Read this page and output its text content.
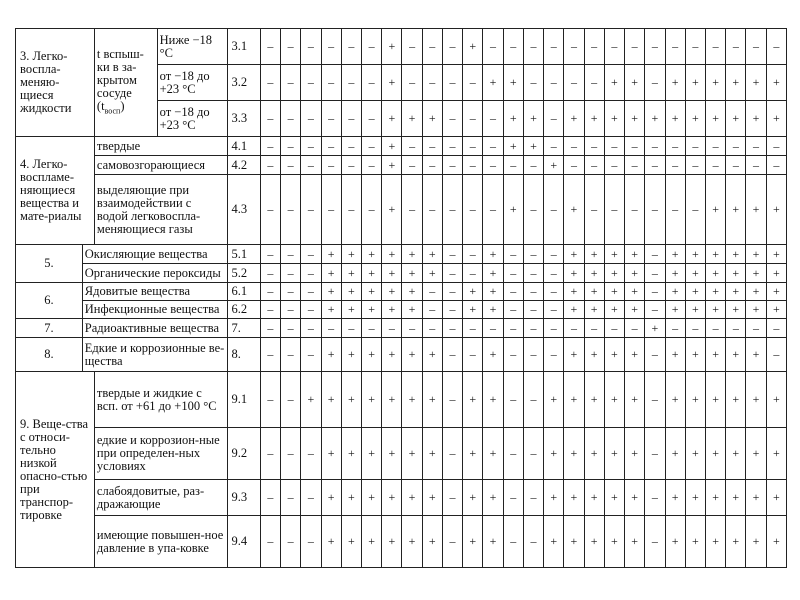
3. Легко-воспла-меняю-щиеся жидкости		t вспыш-ки в за-крытом сосуде $(t_{восп})$	Ниже −18 °С	3.1	–	–	–	–	–	–	+	–	–	–	+	–	–	–	–	–	–	–	–	–	–	–	–	–	–	–
			от −18 до +23 °С	3.2	–	–	–	–	–	–	+	–	–	–	–	+	+	–	–	–	–	+	+	–	+	+	+	+	+	+
			от −18 до +23 °С	3.3	–	–	–	–	–	–	+	+	+	–	–	–	+	+	–	+	+	+	+	+	+	+	+	+	+	+
4. Легко-воспламе-няющиеся вещества и мате-риалы		твердые		4.1	–	–	–	–	–	–	+	–	–	–	–	–	+	+	–	–	–	–	–	–	–	–	–	–	–	–
		самовозгорающиеся		4.2	–	–	–	–	–	–	+	–	–	–	–	–	–	–	+	–	–	–	–	–	–	–	–	–	–	–
		выделяющие при взаимодействии с водой легковоспла-меняющиеся газы		4.3	–	–	–	–	–	–	+	–	–	–	–	–	+	–	–	+	–	–	–	–	–	–	+	+	+	+
5.	Окисляющие вещества			5.1	–	–	–	+	+	+	+	+	+	–	–	+	–	–	–	+	+	+	+	–	+	+	+	+	+	+
	Органические пероксиды			5.2	–	–	–	+	+	+	+	+	+	–	–	+	–	–	–	+	+	+	+	–	+	+	+	+	+	+
6.	Ядовитые вещества			6.1	–	–	–	+	+	+	+	+	–	–	+	+	–	–	–	+	+	+	+	–	+	+	+	+	+	+
	Инфекционные вещества			6.2	–	–	–	+	+	+	+	+	–	–	+	+	–	–	–	+	+	+	+	–	+	+	+	+	+	+
7.	Радиоактивные вещества			7.	–	–	–	–	–	–	–	–	–	–	–	–	–	–	–	–	–	–	–	+	–	–	–	–	–	–
8.	Едкие и коррозионные ве-щества			8.	–	–	–	+	+	+	+	+	+	–	–	+	–	–	–	+	+	+	+	–	+	+	+	+	+	–
9. Веще-ства с относи-тельно низкой опасно-стью при транспор-тировке		твердые и жидкие с всп. от +61 до +100 °С		9.1	–	–	+	+	+	+	+	+	+	–	+	+	–	–	+	+	+	+	+	–	+	+	+	+	+	+
		едкие и коррозион-ные при определен-ных условиях		9.2	–	–	–	+	+	+	+	+	+	–	+	+	–	–	+	+	+	+	+	–	+	+	+	+	+	+
		слабоядовитые, раз-дражающие		9.3	–	–	–	+	+	+	+	+	+	–	+	+	–	–	+	+	+	+	+	–	+	+	+	+	+	+
		имеющие повышен-ное давление в упа-ковке		9.4	–	–	–	+	+	+	+	+	+	–	+	+	–	–	+	+	+	+	+	–	+	+	+	+	+	+
